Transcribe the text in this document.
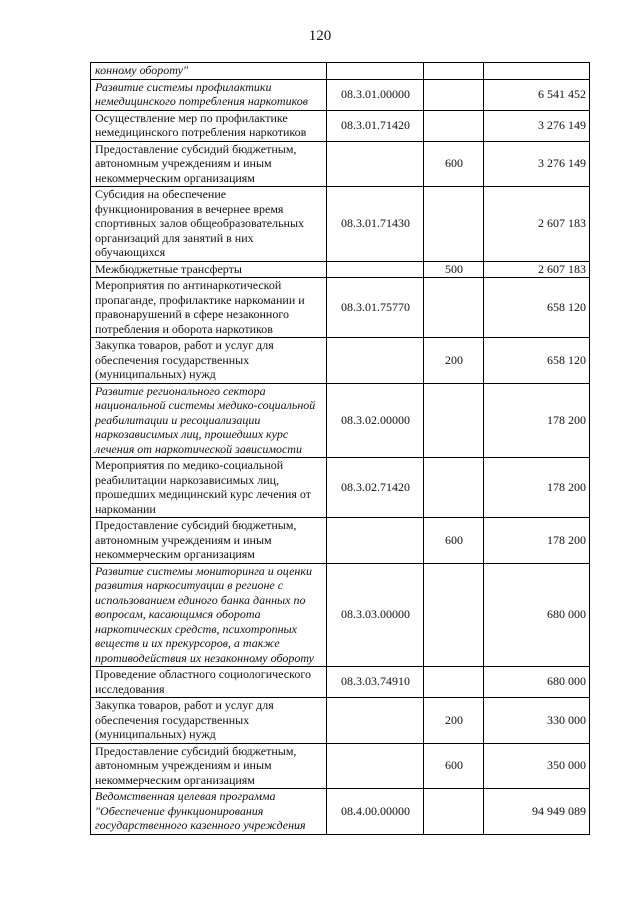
120
конному обороту"			
Развитие системы профилактики немедицинского потребления наркотиков	08.3.01.00000		6 541 452
Осуществление мер по профилактике немедицинского потребления наркотиков	08.3.01.71420		3 276 149
Предоставление субсидий бюджетным, автономным учреждениям и иным некоммерческим организациям		600	3 276 149
Субсидия на обеспечение функционирования в вечернее время спортивных залов общеобразовательных организаций для занятий в них обучающихся	08.3.01.71430		2 607 183
Межбюджетные трансферты		500	2 607 183
Мероприятия по антинаркотической пропаганде, профилактике наркомании и правонарушений в сфере незаконного потребления и оборота наркотиков	08.3.01.75770		658 120
Закупка товаров, работ и услуг для обеспечения государственных (муниципальных) нужд		200	658 120
Развитие регионального сектора национальной системы медико-социальной реабилитации и ресоциализации наркозависимых лиц, прошедших курс лечения от наркотической зависимости	08.3.02.00000		178 200
Мероприятия по медико-социальной реабилитации наркозависимых лиц, прошедших медицинский курс лечения от наркомании	08.3.02.71420		178 200
Предоставление субсидий бюджетным, автономным учреждениям и иным некоммерческим организациям		600	178 200
Развитие системы мониторинга и оценки развития наркоситуации в регионе с использованием единого банка данных по вопросам, касающимся оборота наркотических средств, психотропных веществ и их прекурсоров, а также противодействия их незаконному обороту	08.3.03.00000		680 000
Проведение областного социологического исследования	08.3.03.74910		680 000
Закупка товаров, работ и услуг для обеспечения государственных (муниципальных) нужд		200	330 000
Предоставление субсидий бюджетным, автономным учреждениям и иным некоммерческим организациям		600	350 000
Ведомственная целевая программа "Обеспечение функционирования государственного казенного учреждения	08.4.00.00000		94 949 089
